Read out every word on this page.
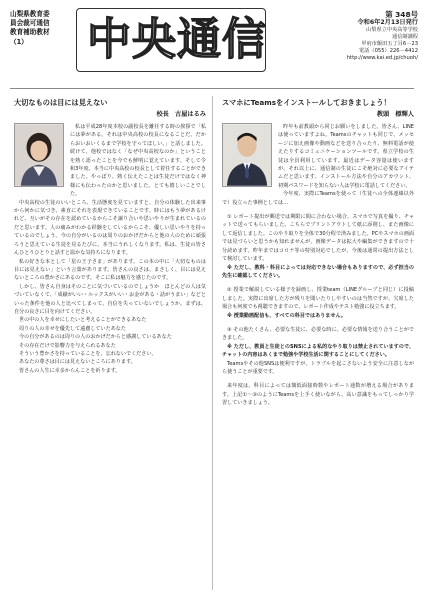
山梨県教育委
員会裁可通信
教育補助教材
（1）	中央通信	第 348号
令和6年2月13日発行
山梨県立中央高等学校
通信制課程
甲府市飯田五丁目6－23
電話（055）226－4412
http://www.kai.ed.jp/chuoh/
大切なものは目には見えない
校長　古屋はるみ
私は平成28年度本校の副校長を離任する時の挨拶で「私には夢がある。それは中央高校の校長になることだ。だからおいおいくるまで学校を守ってほしい。」と話しました。続けて、他校ではなく「なぜ中央高校なのか」ということを熱く語ったことを今でも鮮明に覚えています。そして令和3年度、本当に中央高校の校長として着任することができました。やっぱり、熱く伝えたことは生徒だけではなく神様にも伝わったのかと思いました。とても嬉しいことでした。
中央高校の生徒のいいところ、生活態度を見ていますと、自分の体験した出来事から何かに気づき、素直にそれを表現できていることです。時にはもう夢があるけれど、互いがその存在を認めているからこそ譲り合いや思いやりが生まれているのだと思います。人の痛みがわかる経験をしているからこそ、優しい思いやりを持っているのでしょう。今の自分がいるのは周りのおかげだからと他の人のために頑張ろうと思えている生徒を見るたびに、本当にうれしくなります。私は、生徒の皆さんひとりひとりと話すと温かな気持ちになります。
私の好きな本として「星の王子さま」があります。この本の中に「大切なものは目には見えない」という言葉があります。皆さんの良さは、まさしく、目には見えないところの豊かさにあるのです。そこに私は魅力を感じたのです。
しかし、皆さん自身はそのことに気づいているのでしょうか　ほとんどの人は気づいていなくて、「成績がいい・ルックスがいい・お金がある・話がうまい」などといった条件を他の人と比べてしまって、自信を失っていないでしょうか。まずは、自分の良さに目を向けてください。
世の中の人を幸せにしたいと考えることができるあなた
周りの人の幸せを優先して遠慮していたあなた
今の自分があるのは周りの人のおかげだからと感謝しているあなた
その存在だけで影響力を与えられるあなた
そういう豊かさを持っていることを、忘れないでください。
あなたの尊さは目には見えないところにあります。
皆さんの人生に幸多からんことを祈ります。
スマホにTeamsをインストールしておきましょう！
教頭　標輝人
昨年も前教頭から同じお願いをしました。皆さん、LINEは使っていますよね。Teamsのチャットも同じで、メッセージに加え画像や動画などを送り合ったり、無料電話が使えたりするコミュニケーションツールです。県立学校の生徒は全員利用しています。最近はデータ容量は使いますが、それ以上に、通信制の生徒にこそ絶対に必要なアイテムだと思います。インストール方法や自分のアカウント、初期パスワードを知らない人は学校に電話してください。
今年度、実際にTeamsを使って（生徒への全体連絡以外で）役立った事例としては…
① レポート提出が郵送では期限に間に合わない場合、スマホで写真を撮り、チャットで送ってもらいました。こちらでプリントアウトして紙に添削し、また画像にして返信しました。このやり取りを全体で30分程で済みました。PCやスマホの画面では見づらいと思うかも知れませんが、画像データは拡大や編集ができますので十分読めます。昨年まではコロナ等の特別対応でしたが、今後は通常の提出方法として検討しています。
※ ただし、教科・科目によっては対応できない場合もありますので、必ず担当の先生に確認してください。
② 授業で解説している様子を録画し、授業team（LINEグループと同じ）に投稿しました。実際に出席した方が残りを聞いたりしやすいのは当然ですが、欠席した場合も何度でも視聴できますので、レポート作成やテスト勉強に役立ちます。
※ 授業動画配信も、すべての科目ではありません。
③ その他たくさん、必要な生徒に、必要な時に、必要な情報を送り合うことができました。
※ ただし、教員と生徒とのSNSによる私的なやり取りは禁止されていますので、チャットの内容はあくまで勉強や学校生活に関することにしてください。
Teamsやその他SNSは便利ですが、トラブルを起こさないよう安全に注意しながら使うことが重要です。
来年度は、科目によっては簡低面接時数やレポート通数が増える場合があります。上記①～③のようにTeamsを上手く使いながら、高い意識をもってしっかり学習していきましょう。
